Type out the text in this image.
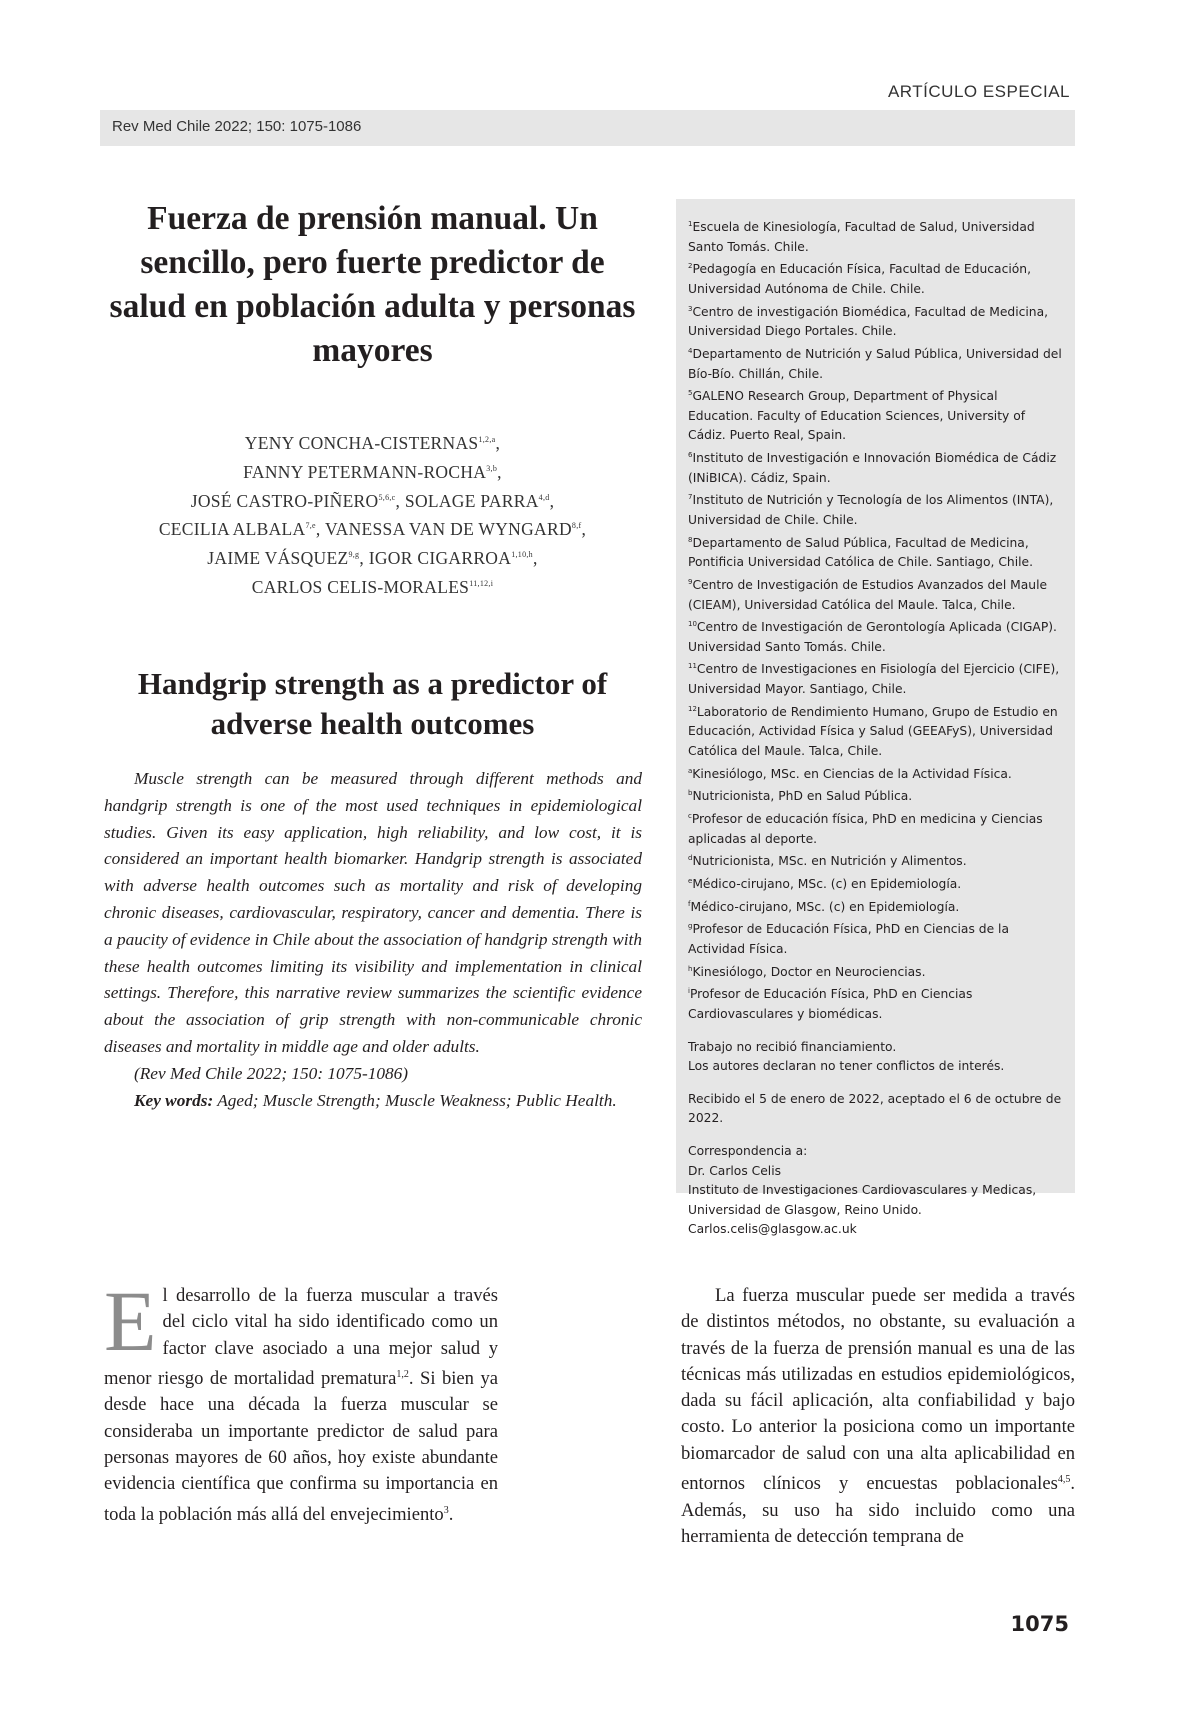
ARTÍCULO ESPECIAL
Rev Med Chile 2022; 150: 1075-1086
Fuerza de prensión manual. Un sencillo, pero fuerte predictor de salud en población adulta y personas mayores
YENY CONCHA-CISTERNAS$^{1,2,a}$,
FANNY PETERMANN-ROCHA$^{3,b}$,
JOSÉ CASTRO-PIÑERO$^{5,6,c}$, SOLAGE PARRA$^{4,d}$,
CECILIA ALBALA$^{7,e}$, VANESSA VAN DE WYNGARD$^{8,f}$,
JAIME VÁSQUEZ$^{9,g}$, IGOR CIGARROA$^{1,10,h}$,
CARLOS CELIS-MORALES$^{11,12,i}$
Handgrip strength as a predictor of adverse health outcomes

Muscle strength can be measured through different methods and handgrip strength is one of the most used techniques in epidemiological studies. Given its easy application, high reliability, and low cost, it is considered an important health biomarker. Handgrip strength is associated with adverse health outcomes such as mortality and risk of developing chronic diseases, cardiovascular, respiratory, cancer and dementia. There is a paucity of evidence in Chile about the association of handgrip strength with these health outcomes limiting its visibility and implementation in clinical settings. Therefore, this narrative review summarizes the scientific evidence about the association of grip strength with non-communicable chronic diseases and mortality in middle age and older adults.

(Rev Med Chile 2022; 150: 1075-1086)

Key words: Aged; Muscle Strength; Muscle Weakness; Public Health.

$^1$Escuela de Kinesiología, Facultad de Salud, Universidad Santo Tomás. Chile.
$^2$Pedagogía en Educación Física, Facultad de Educación, Universidad Autónoma de Chile. Chile.
$^3$Centro de investigación Biomédica, Facultad de Medicina, Universidad Diego Portales. Chile.
$^4$Departamento de Nutrición y Salud Pública, Universidad del Bío-Bío. Chillán, Chile.
$^5$GALENO Research Group, Department of Physical Education. Faculty of Education Sciences, University of Cádiz. Puerto Real, Spain.
$^6$Instituto de Investigación e Innovación Biomédica de Cádiz (INiBICA). Cádiz, Spain.
$^7$Instituto de Nutrición y Tecnología de los Alimentos (INTA), Universidad de Chile. Chile.
$^8$Departamento de Salud Pública, Facultad de Medicina, Pontificia Universidad Católica de Chile. Santiago, Chile.
$^9$Centro de Investigación de Estudios Avanzados del Maule (CIEAM), Universidad Católica del Maule. Talca, Chile.
$^{10}$Centro de Investigación de Gerontología Aplicada (CIGAP). Universidad Santo Tomás. Chile.
$^{11}$Centro de Investigaciones en Fisiología del Ejercicio (CIFE), Universidad Mayor. Santiago, Chile.
$^{12}$Laboratorio de Rendimiento Humano, Grupo de Estudio en Educación, Actividad Física y Salud (GEEAFyS), Universidad Católica del Maule. Talca, Chile.
$^a$Kinesiólogo, MSc. en Ciencias de la Actividad Física.
$^b$Nutricionista, PhD en Salud Pública.
$^c$Profesor de educación física, PhD en medicina y Ciencias aplicadas al deporte.
$^d$Nutricionista, MSc. en Nutrición y Alimentos.
$^e$Médico-cirujano, MSc. (c) en Epidemiología.
$^f$Médico-cirujano, MSc. (c) en Epidemiología.
$^g$Profesor de Educación Física, PhD en Ciencias de la Actividad Física.
$^h$Kinesiólogo, Doctor en Neurociencias.
$^i$Profesor de Educación Física, PhD en Ciencias Cardiovasculares y biomédicas.
Trabajo no recibió financiamiento.
Los autores declaran no tener conflictos de interés.
Recibido el 5 de enero de 2022, aceptado el 6 de octubre de 2022.
Correspondencia a:
Dr. Carlos Celis
Instituto de Investigaciones Cardiovasculares y Medicas, Universidad de Glasgow, Reino Unido.
Carlos.celis@glasgow.ac.uk

El desarrollo de la fuerza muscular a través del ciclo vital ha sido identificado como un factor clave asociado a una mejor salud y menor riesgo de mortalidad prematura$^{1,2}$. Si bien ya desde hace una década la fuerza muscular se consideraba un importante predictor de salud para personas mayores de 60 años, hoy existe abundante evidencia científica que confirma su importancia en toda la población más allá del envejecimiento$^3$.

La fuerza muscular puede ser medida a través de distintos métodos, no obstante, su evaluación a través de la fuerza de prensión manual es una de las técnicas más utilizadas en estudios epidemiológicos, dada su fácil aplicación, alta confiabilidad y bajo costo. Lo anterior la posiciona como un importante biomarcador de salud con una alta aplicabilidad en entornos clínicos y encuestas poblacionales$^{4,5}$. Además, su uso ha sido incluido como una herramienta de detección temprana de

1075
